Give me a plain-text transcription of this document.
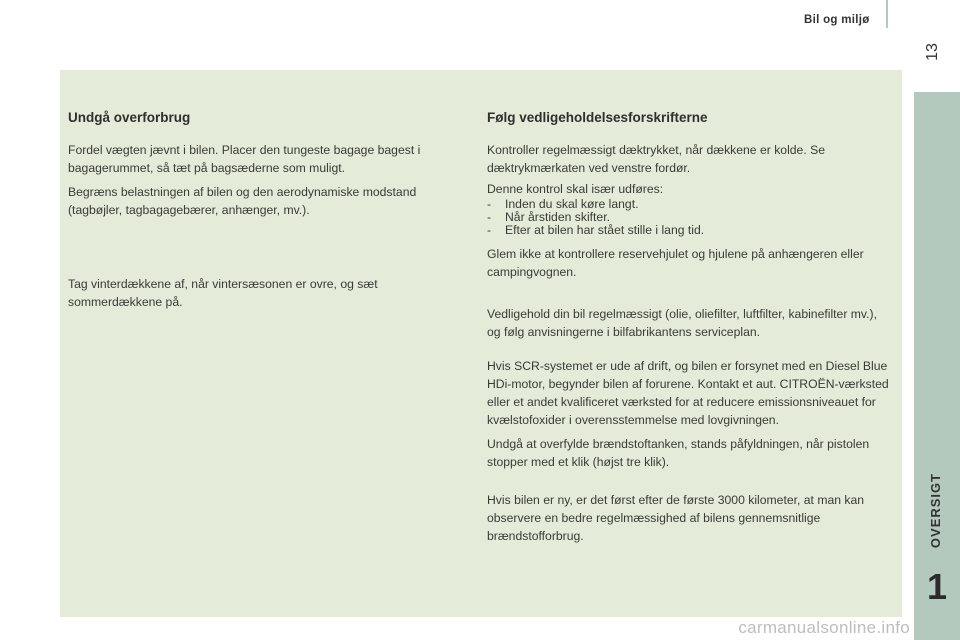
Bil og miljø
13
OVERSIGT
1
Undgå overforbrug

Fordel vægten jævnt i bilen. Placer den tungeste bagage bagest i bagagerummet, så tæt på bagsæderne som muligt.

Begræns belastningen af bilen og den aerodynamiske modstand (tagbøjler, tagbagagebærer, anhænger, mv.).

Tag vinterdækkene af, når vintersæsonen er ovre, og sæt sommerdækkene på.

Følg vedligeholdelsesforskrifterne

Kontroller regelmæssigt dæktrykket, når dækkene er kolde. Se dæktrykmærkaten ved venstre fordør.

Denne kontrol skal især udføres:
-	Inden du skal køre langt.
-	Når årstiden skifter.
-	Efter at bilen har stået stille i lang tid.

Glem ikke at kontrollere reservehjulet og hjulene på anhængeren eller campingvognen.

Vedligehold din bil regelmæssigt (olie, oliefilter, luftfilter, kabinefilter mv.), og følg anvisningerne i bilfabrikantens serviceplan.

Hvis SCR-systemet er ude af drift, og bilen er forsynet med en Diesel Blue HDi-motor, begynder bilen af forurene. Kontakt et aut. CITROËN-værksted eller et andet kvalificeret værksted for at reducere emissionsniveauet for kvælstofoxider i overensstemmelse med lovgivningen.

Undgå at overfylde brændstoftanken, stands påfyldningen, når pistolen stopper med et klik (højst tre klik).

Hvis bilen er ny, er det først efter de første 3000 kilometer, at man kan observere en bedre regelmæssighed af bilens gennemsnitlige brændstofforbrug.

carmanualsonline.info
